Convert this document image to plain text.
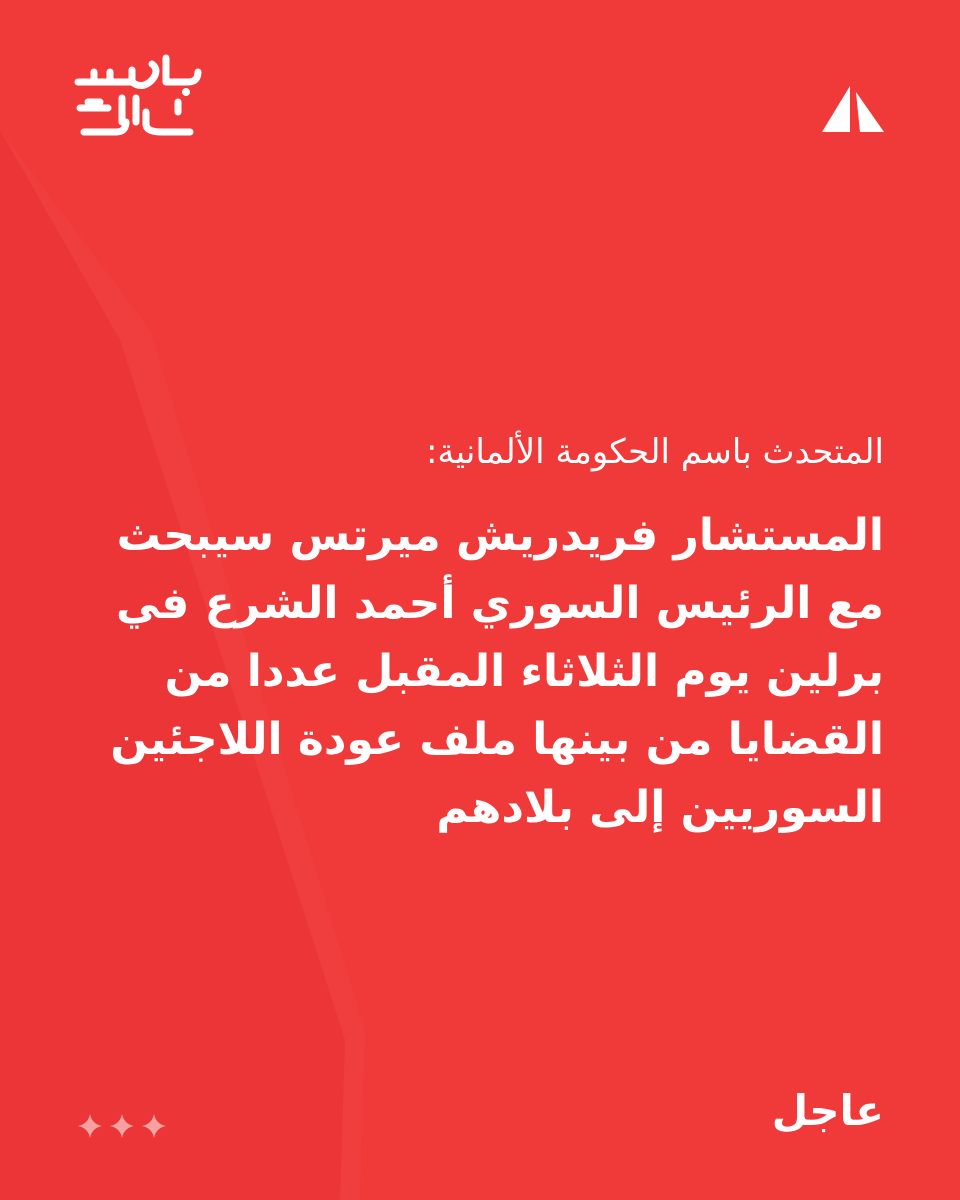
المتحدث باسم الحكومة الألمانية:

المستشار فريدريش ميرتس سيبحث مع الرئيس السوري أحمد الشرع في برلين يوم الثلاثاء المقبل عددا من القضايا من بينها ملف عودة اللاجئين السوريين إلى بلادهم

عاجل
